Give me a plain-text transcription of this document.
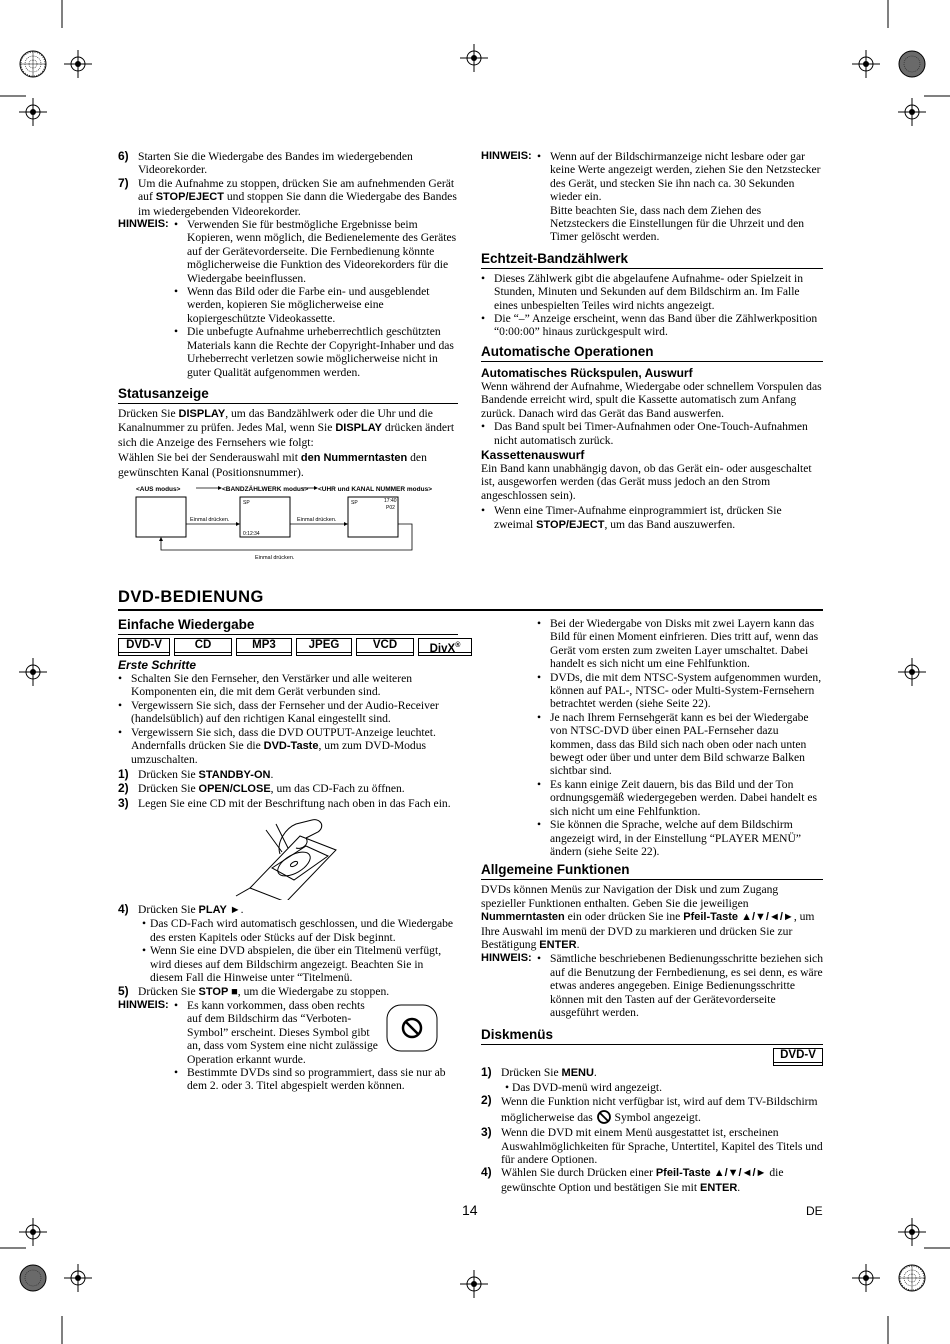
6) Starten Sie die Wiedergabe des Bandes im wiedergebenden Videorekorder.
7) Um die Aufnahme zu stoppen, drücken Sie am aufnehmenden Gerät auf STOP/EJECT und stoppen Sie dann die Wiedergabe des Bandes im wiedergebenden Videorekorder.
HINWEIS: • Verwenden Sie für bestmögliche Ergebnisse beim Kopieren, wenn möglich, die Bedienelemente des Gerätes auf der Gerätevorderseite. Die Fernbedienung könnte möglicherweise die Funktion des Videorekorders für die Wiedergabe beeinflussen.
• Wenn das Bild oder die Farbe ein- und ausgeblendet werden, kopieren Sie möglicherweise eine kopiergeschützte Videokassette.
• Die unbefugte Aufnahme urheberrechtlich geschützten Materials kann die Rechte der Copyright-Inhaber und das Urheberrecht verletzen sowie möglicherweise nicht in guter Qualität aufgenommen werden.
Statusanzeige

Drücken Sie DISPLAY, um das Bandzählwerk oder die Uhr und die Kanalnummer zu prüfen. Jedes Mal, wenn Sie DISPLAY drücken ändert sich die Anzeige des Fernsehers wie folgt:

Wählen Sie bei der Senderauswahl mit den Nummerntasten den gewünschten Kanal (Positionsnummer).

<AUS modus>	<BANDZÄHLWERK modus> <UHR und KANAL NUMMER modus>
SP
0:12:34
SP	17:40
P02
Einmal drücken.	Einmal drücken.
Einmal drücken.
HINWEIS: • Wenn auf der Bildschirmanzeige nicht lesbare oder gar keine Werte angezeigt werden, ziehen Sie den Netzstecker des Gerät, und stecken Sie ihn nach ca. 30 Sekunden wieder ein.
Bitte beachten Sie, dass nach dem Ziehen des Netzsteckers die Einstellungen für die Uhrzeit und den Timer gelöscht werden.
Echtzeit-Bandzählwerk
• Dieses Zählwerk gibt die abgelaufene Aufnahme- oder Spielzeit in Stunden, Minuten und Sekunden auf dem Bildschirm an. Im Falle eines unbespielten Teiles wird nichts angezeigt.
• Die “–” Anzeige erscheint, wenn das Band über die Zählwerkposition “0:00:00” hinaus zurückgespult wird.
Automatische Operationen
Automatisches Rückspulen, Auswurf

Wenn während der Aufnahme, Wiedergabe oder schnellem Vorspulen das Bandende erreicht wird, spult die Kassette automatisch zum Anfang zurück. Danach wird das Gerät das Band auswerfen.

• Das Band spult bei Timer-Aufnahmen oder One-Touch-Aufnahmen nicht automatisch zurück.
Kassettenauswurf

Ein Band kann unabhängig davon, ob das Gerät ein- oder ausgeschaltet ist, ausgeworfen werden (das Gerät muss jedoch an den Strom angeschlossen sein).

• Wenn eine Timer-Aufnahme einprogrammiert ist, drücken Sie zweimal STOP/EJECT, um das Band auszuwerfen.
DVD-BEDIENUNG
Einfache Wiedergabe
DVD-V	CD	MP3	JPEG	VCD	DivX®
Erste Schritte
• Schalten Sie den Fernseher, den Verstärker und alle weiteren Komponenten ein, die mit dem Gerät verbunden sind.
• Vergewissern Sie sich, dass der Fernseher und der Audio-Receiver (handelsüblich) auf den richtigen Kanal eingestellt sind.
• Vergewissern Sie sich, dass die DVD OUTPUT-Anzeige leuchtet. Andernfalls drücken Sie die DVD-Taste, um zum DVD-Modus umzuschalten.
1) Drücken Sie STANDBY-ON.
2) Drücken Sie OPEN/CLOSE, um das CD-Fach zu öffnen.
3) Legen Sie eine CD mit der Beschriftung nach oben in das Fach ein.
4) Drücken Sie PLAY ►.
• Das CD-Fach wird automatisch geschlossen, und die Wiedergabe des ersten Kapitels oder Stücks auf der Disk beginnt.
• Wenn Sie eine DVD abspielen, die über ein Titelmenü verfügt, wird dieses auf dem Bildschirm angezeigt. Beachten Sie in diesem Fall die Hinweise unter “Titelmenü.
5) Drücken Sie STOP ■, um die Wiedergabe zu stoppen.
HINWEIS: • Es kann vorkommen, dass oben rechts auf dem Bildschirm das “Verboten-Symbol” erscheint. Dieses Symbol gibt an, dass vom System eine nicht zulässige Operation erkannt wurde.
• Bestimmte DVDs sind so programmiert, dass sie nur ab dem 2. oder 3. Titel abgespielt werden können.
• Bei der Wiedergabe von Disks mit zwei Layern kann das Bild für einen Moment einfrieren. Dies tritt auf, wenn das Gerät vom ersten zum zweiten Layer umschaltet. Dabei handelt es sich nicht um eine Fehlfunktion.
• DVDs, die mit dem NTSC-System aufgenommen wurden, können auf PAL-, NTSC- oder Multi-System-Fernsehern betrachtet werden (siehe Seite 22).
• Je nach Ihrem Fernsehgerät kann es bei der Wiedergabe von NTSC-DVD über einen PAL-Fernseher dazu kommen, dass das Bild sich nach oben oder nach unten bewegt oder über und unter dem Bild schwarze Balken sichtbar sind.
• Es kann einige Zeit dauern, bis das Bild und der Ton ordnungsgemäß wiedergegeben werden. Dabei handelt es sich nicht um eine Fehlfunktion.
• Sie können die Sprache, welche auf dem Bildschirm angezeigt wird, in der Einstellung “PLAYER MENÜ” ändern (siehe Seite 22).
Allgemeine Funktionen

DVDs können Menüs zur Navigation der Disk und zum Zugang spezieller Funktionen enthalten. Geben Sie die jeweiligen Nummerntasten ein oder drücken Sie ine Pfeil-Taste ▲/▼/◄/►, um Ihre Auswahl im menü der DVD zu markieren und drücken Sie zur Bestätigung ENTER.

HINWEIS: • Sämtliche beschriebenen Bedienungsschritte beziehen sich auf die Benutzung der Fernbedienung, es sei denn, es wäre etwas anderes angegeben. Einige Bedienungsschritte können mit den Tasten auf der Gerätevorderseite ausgeführt werden.
Diskmenüs
DVD-V
1) Drücken Sie MENU.
• Das DVD-menü wird angezeigt.
2) Wenn die Funktion nicht verfügbar ist, wird auf dem TV-Bildschirm möglicherweise das  Symbol angezeigt.
3) Wenn die DVD mit einem Menü ausgestattet ist, erscheinen Auswahlmöglichkeiten für Sprache, Untertitel, Kapitel des Titels und für andere Optionen.
4) Wählen Sie durch Drücken einer Pfeil-Taste ▲/▼/◄/► die gewünschte Option und bestätigen Sie mit ENTER.
14	DE
